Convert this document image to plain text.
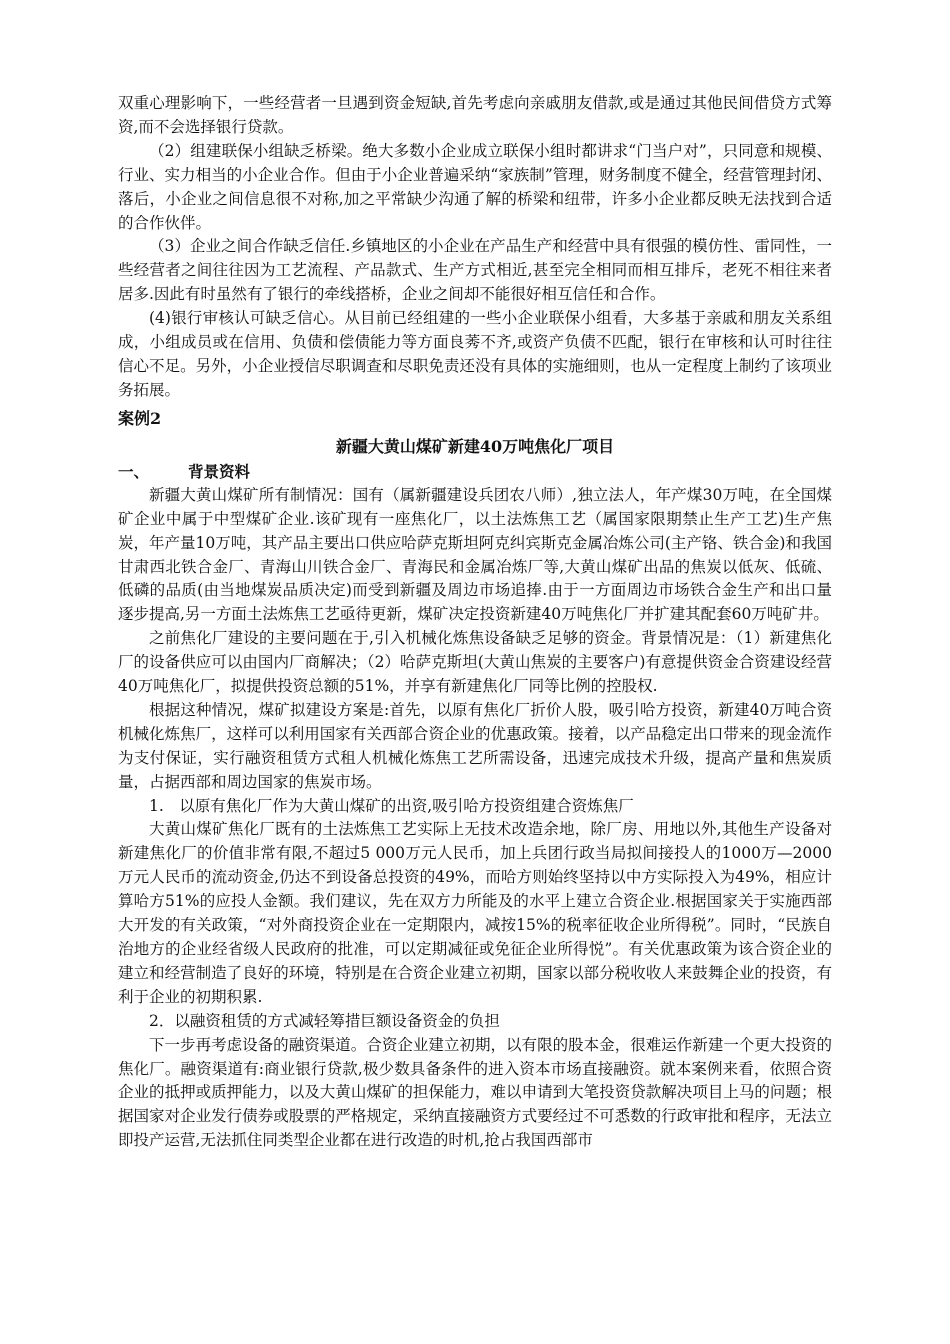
双重心理影响下，一些经营者一旦遇到资金短缺,首先考虑向亲戚朋友借款,或是通过其他民间借贷方式筹资,而不会选择银行贷款。

（2）组建联保小组缺乏桥梁。绝大多数小企业成立联保小组时都讲求“门当户对”，只同意和规模、行业、实力相当的小企业合作。但由于小企业普遍采纳“家族制”管理，财务制度不健全，经营管理封闭、落后，小企业之间信息很不对称,加之平常缺少沟通了解的桥梁和纽带，许多小企业都反映无法找到合适的合作伙伴。

（3）企业之间合作缺乏信任.乡镇地区的小企业在产品生产和经营中具有很强的模仿性、雷同性，一些经营者之间往往因为工艺流程、产品款式、生产方式相近,甚至完全相同而相互排斥，老死不相往来者居多.因此有时虽然有了银行的牵线搭桥，企业之间却不能很好相互信任和合作。

(4)银行审核认可缺乏信心。从目前已经组建的一些小企业联保小组看，大多基于亲戚和朋友关系组成，小组成员或在信用、负债和偿债能力等方面良莠不齐,或资产负债不匹配，银行在审核和认可时往往信心不足。另外，小企业授信尽职调查和尽职免责还没有具体的实施细则，也从一定程度上制约了该项业务拓展。

案例2
新疆大黄山煤矿新建40万吨焦化厂项目
一、	背景资料

新疆大黄山煤矿所有制情况：国有（属新疆建设兵团农八师）,独立法人，年产煤30万吨，在全国煤矿企业中属于中型煤矿企业.该矿现有一座焦化厂，以土法炼焦工艺（属国家限期禁止生产工艺)生产焦炭，年产量10万吨，其产品主要出口供应哈萨克斯坦阿克纠宾斯克金属冶炼公司(主产铬、铁合金)和我国甘肃西北铁合金厂、青海山川铁合金厂、青海民和金属冶炼厂等,大黄山煤矿出品的焦炭以低灰、低硫、低磷的品质(由当地煤炭品质决定)而受到新疆及周边市场追捧.由于一方面周边市场铁合金生产和出口量逐步提高,另一方面土法炼焦工艺亟待更新，煤矿决定投资新建40万吨焦化厂并扩建其配套60万吨矿井。

之前焦化厂建设的主要问题在于,引入机械化炼焦设备缺乏足够的资金。背景情况是：（1）新建焦化厂的设备供应可以由国内厂商解决；（2）哈萨克斯坦(大黄山焦炭的主要客户)有意提供资金合资建设经营40万吨焦化厂，拟提供投资总额的51%，并享有新建焦化厂同等比例的控股权.

根据这种情况，煤矿拟建设方案是:首先，以原有焦化厂折价人股，吸引哈方投资，新建40万吨合资机械化炼焦厂，这样可以利用国家有关西部合资企业的优惠政策。接着，以产品稳定出口带来的现金流作为支付保证，实行融资租赁方式租人机械化炼焦工艺所需设备，迅速完成技术升级，提高产量和焦炭质量，占据西部和周边国家的焦炭市场。

1.　以原有焦化厂作为大黄山煤矿的出资,吸引哈方投资组建合资炼焦厂

大黄山煤矿焦化厂既有的土法炼焦工艺实际上无技术改造余地，除厂房、用地以外,其他生产设备对新建焦化厂的价值非常有限,不超过5 000万元人民币，加上兵团行政当局拟间接投人的1000万—2000万元人民币的流动资金,仍达不到设备总投资的49%，而哈方则始终坚持以中方实际投入为49%，相应计算哈方51%的应投人金额。我们建议，先在双方力所能及的水平上建立合资企业.根据国家关于实施西部大开发的有关政策，“对外商投资企业在一定期限内，减按15%的税率征收企业所得税”。同时，“民族自治地方的企业经省级人民政府的批准，可以定期减征或免征企业所得悦”。有关优惠政策为该合资企业的建立和经营制造了良好的环境，特别是在合资企业建立初期，国家以部分税收收人来鼓舞企业的投资，有利于企业的初期积累.

2．以融资租赁的方式减轻筹措巨额设备资金的负担

下一步再考虑设备的融资渠道。合资企业建立初期，以有限的股本金，很难运作新建一个更大投资的焦化厂。融资渠道有:商业银行贷款,极少数具备条件的进入资本市场直接融资。就本案例来看，依照合资企业的抵押或质押能力，以及大黄山煤矿的担保能力，难以申请到大笔投资贷款解决项目上马的问题；根据国家对企业发行债券或股票的严格规定，采纳直接融资方式要经过不可悉数的行政审批和程序，无法立即投产运营,无法抓住同类型企业都在进行改造的时机,抢占我国西部市
